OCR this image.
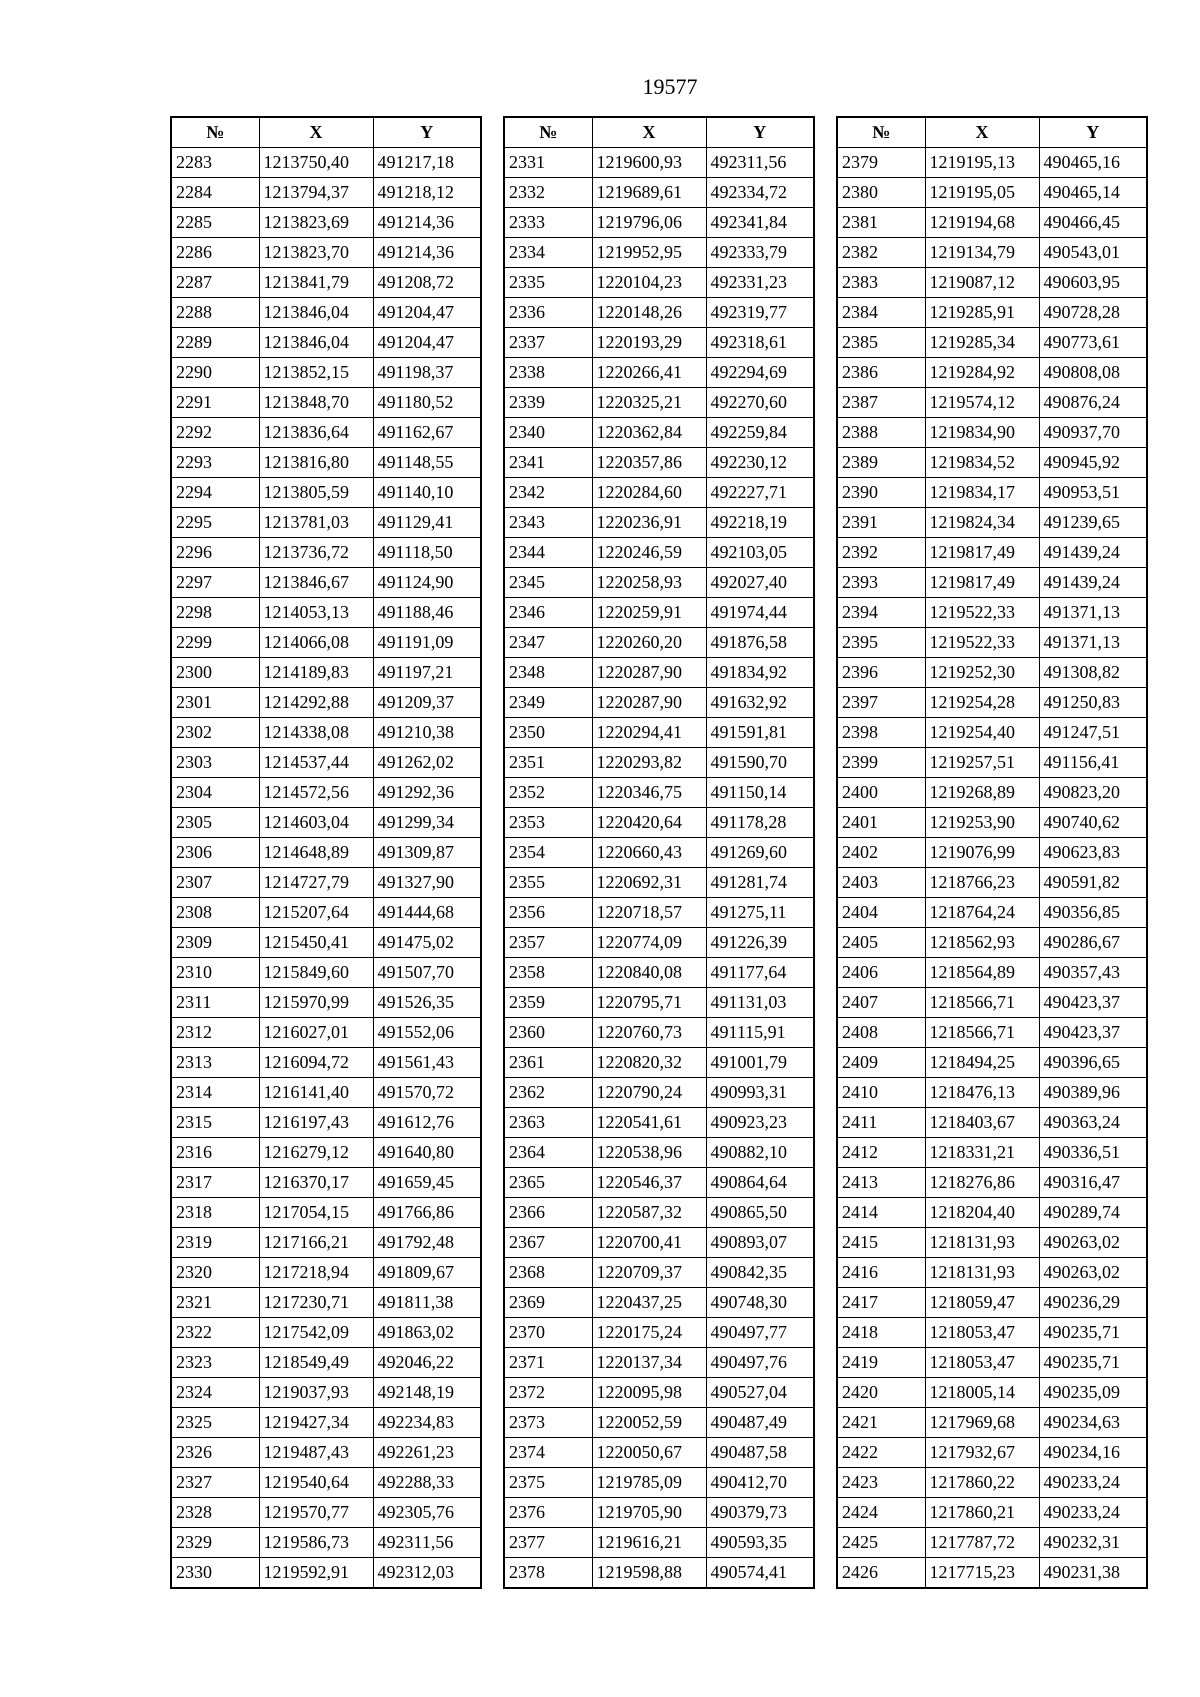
19577
№	X	Y
2283	1213750,40	491217,18
2284	1213794,37	491218,12
2285	1213823,69	491214,36
2286	1213823,70	491214,36
2287	1213841,79	491208,72
2288	1213846,04	491204,47
2289	1213846,04	491204,47
2290	1213852,15	491198,37
2291	1213848,70	491180,52
2292	1213836,64	491162,67
2293	1213816,80	491148,55
2294	1213805,59	491140,10
2295	1213781,03	491129,41
2296	1213736,72	491118,50
2297	1213846,67	491124,90
2298	1214053,13	491188,46
2299	1214066,08	491191,09
2300	1214189,83	491197,21
2301	1214292,88	491209,37
2302	1214338,08	491210,38
2303	1214537,44	491262,02
2304	1214572,56	491292,36
2305	1214603,04	491299,34
2306	1214648,89	491309,87
2307	1214727,79	491327,90
2308	1215207,64	491444,68
2309	1215450,41	491475,02
2310	1215849,60	491507,70
2311	1215970,99	491526,35
2312	1216027,01	491552,06
2313	1216094,72	491561,43
2314	1216141,40	491570,72
2315	1216197,43	491612,76
2316	1216279,12	491640,80
2317	1216370,17	491659,45
2318	1217054,15	491766,86
2319	1217166,21	491792,48
2320	1217218,94	491809,67
2321	1217230,71	491811,38
2322	1217542,09	491863,02
2323	1218549,49	492046,22
2324	1219037,93	492148,19
2325	1219427,34	492234,83
2326	1219487,43	492261,23
2327	1219540,64	492288,33
2328	1219570,77	492305,76
2329	1219586,73	492311,56
2330	1219592,91	492312,03
№	X	Y
2331	1219600,93	492311,56
2332	1219689,61	492334,72
2333	1219796,06	492341,84
2334	1219952,95	492333,79
2335	1220104,23	492331,23
2336	1220148,26	492319,77
2337	1220193,29	492318,61
2338	1220266,41	492294,69
2339	1220325,21	492270,60
2340	1220362,84	492259,84
2341	1220357,86	492230,12
2342	1220284,60	492227,71
2343	1220236,91	492218,19
2344	1220246,59	492103,05
2345	1220258,93	492027,40
2346	1220259,91	491974,44
2347	1220260,20	491876,58
2348	1220287,90	491834,92
2349	1220287,90	491632,92
2350	1220294,41	491591,81
2351	1220293,82	491590,70
2352	1220346,75	491150,14
2353	1220420,64	491178,28
2354	1220660,43	491269,60
2355	1220692,31	491281,74
2356	1220718,57	491275,11
2357	1220774,09	491226,39
2358	1220840,08	491177,64
2359	1220795,71	491131,03
2360	1220760,73	491115,91
2361	1220820,32	491001,79
2362	1220790,24	490993,31
2363	1220541,61	490923,23
2364	1220538,96	490882,10
2365	1220546,37	490864,64
2366	1220587,32	490865,50
2367	1220700,41	490893,07
2368	1220709,37	490842,35
2369	1220437,25	490748,30
2370	1220175,24	490497,77
2371	1220137,34	490497,76
2372	1220095,98	490527,04
2373	1220052,59	490487,49
2374	1220050,67	490487,58
2375	1219785,09	490412,70
2376	1219705,90	490379,73
2377	1219616,21	490593,35
2378	1219598,88	490574,41
№	X	Y
2379	1219195,13	490465,16
2380	1219195,05	490465,14
2381	1219194,68	490466,45
2382	1219134,79	490543,01
2383	1219087,12	490603,95
2384	1219285,91	490728,28
2385	1219285,34	490773,61
2386	1219284,92	490808,08
2387	1219574,12	490876,24
2388	1219834,90	490937,70
2389	1219834,52	490945,92
2390	1219834,17	490953,51
2391	1219824,34	491239,65
2392	1219817,49	491439,24
2393	1219817,49	491439,24
2394	1219522,33	491371,13
2395	1219522,33	491371,13
2396	1219252,30	491308,82
2397	1219254,28	491250,83
2398	1219254,40	491247,51
2399	1219257,51	491156,41
2400	1219268,89	490823,20
2401	1219253,90	490740,62
2402	1219076,99	490623,83
2403	1218766,23	490591,82
2404	1218764,24	490356,85
2405	1218562,93	490286,67
2406	1218564,89	490357,43
2407	1218566,71	490423,37
2408	1218566,71	490423,37
2409	1218494,25	490396,65
2410	1218476,13	490389,96
2411	1218403,67	490363,24
2412	1218331,21	490336,51
2413	1218276,86	490316,47
2414	1218204,40	490289,74
2415	1218131,93	490263,02
2416	1218131,93	490263,02
2417	1218059,47	490236,29
2418	1218053,47	490235,71
2419	1218053,47	490235,71
2420	1218005,14	490235,09
2421	1217969,68	490234,63
2422	1217932,67	490234,16
2423	1217860,22	490233,24
2424	1217860,21	490233,24
2425	1217787,72	490232,31
2426	1217715,23	490231,38
